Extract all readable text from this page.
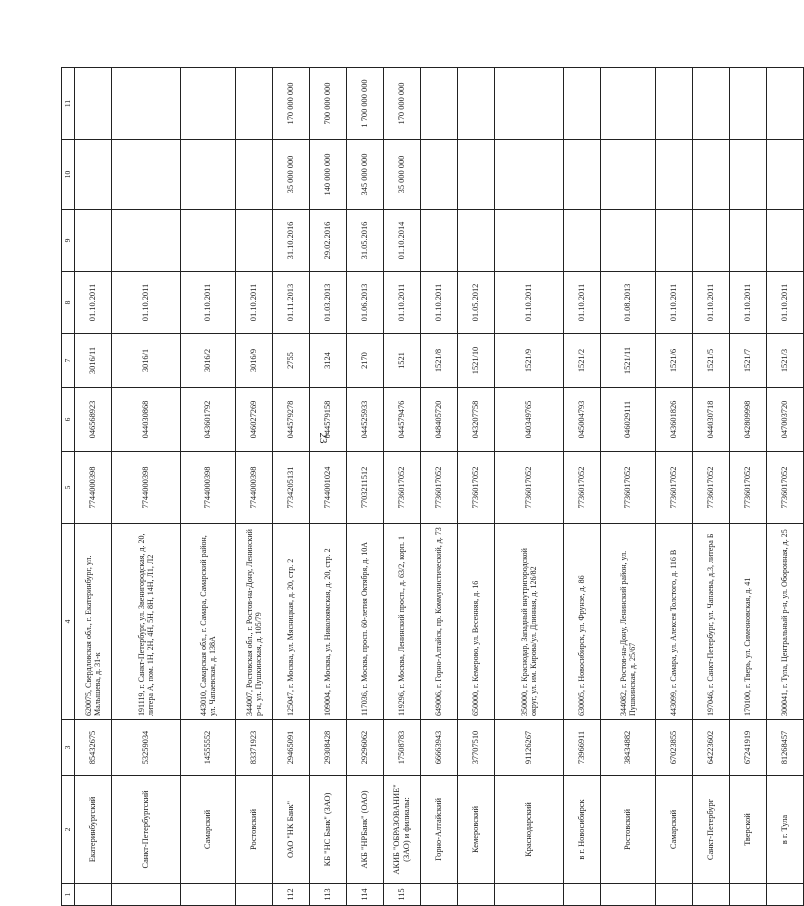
23
1	2	3	4	5	6	7	8	9	10	11
	Екатеринбургский	85432675	620075, Свердловская обл., г. Екатеринбург, ул. Малышева, д. 31-к	7744000398	046568923	3016/11	01.10.2011			
	Санкт-Петербургский	53259034	191119, г. Санкт-Петербург, ул. Звенигородская, д. 20, литера А, пом. 1Н, 2Н, 4Н, 5Н, 8Н, 14Н, Л1, Л2	7744000398	044030868	3016/1	01.10.2011			
	Самарский	14555552	443010, Самарская обл., г. Самара, Самарский район, ул. Чапаевская, д. 138А	7744000398	043601792	3016/2	01.10.2011			
	Ростовский	83371923	344007, Ростовская обл., г. Ростов-на-Дону, Ленинский р-н, ул. Пушкинская, д. 105/79	7744000398	046027269	3016/9	01.10.2011			
112	ОАО "НК Банк"	29465091	125047, г. Москва, ул. Мясницкая, д. 20, стр. 2	7734205131	044579278	2755	01.11.2013	31.10.2016	35 000 000	170 000 000
113	КБ "НС Банк" (ЗАО)	29308428	109004, г. Москва, ул. Николоямская, д. 20, стр. 2	7744001024	044579158	3124	01.03.2013	29.02.2016	140 000 000	700 000 000
114	АКБ "НРБанк" (ОАО)	29296062	117036, г. Москва, просп. 60-летия Октября, д. 10А	7703211512	044525933	2170	01.06.2013	31.05.2016	345 000 000	1 700 000 000
115	АКИБ "ОБРАЗОВАНИЕ" (ЗАО) и филиалы:	17508783	119296, г. Москва, Ленинский просп., д. 63/2, корп. 1	7736017052	044579476	1521	01.10.2011	01.10.2014	35 000 000	170 000 000
	Горно-Алтайский	66663943	649006, г. Горно-Алтайск, пр. Коммунистический, д. 73	7736017052	048405720	1521/8	01.10.2011			
	Кемеровский	37707510	650000, г. Кемерово, ул. Весенняя, д. 16	7736017052	043207758	1521/10	01.05.2012			
	Краснодарский	91126267	350000, г. Краснодар, Западный внутригородской округ, ул. им. Кирова/ул. Длинная, д. 126/82	7736017052	040349765	1521/9	01.10.2011			
	в г. Новосибирск	73966911	630005, г. Новосибирск, ул. Фрунзе, д. 86	7736017052	045004793	1521/2	01.10.2011			
	Ростовский	38434882	344082, г. Ростов-на-Дону, Ленинский район, ул. Пушкинская, д. 25/67	7736017052	046029111	1521/11	01.08.2013			
	Самарский	67023855	443099, г. Самара, ул. Алексея Толстого, д. 116 В	7736017052	043601826	1521/6	01.10.2011			
	Санкт-Петербург	64223602	197046, г. Санкт-Петербург, ул. Чапаева, д.3, литера Б	7736017052	044030718	1521/5	01.10.2011			
	Тверской	67241919	170100, г. Тверь, ул. Симеоновская, д. 41	7736017052	042809998	1521/7	01.10.2011			
	в г. Тула	81268457	300041, г. Тула, Центральный р-н, ул. Оборонная, д. 25	7736017052	047003720	1521/3	01.10.2011			
